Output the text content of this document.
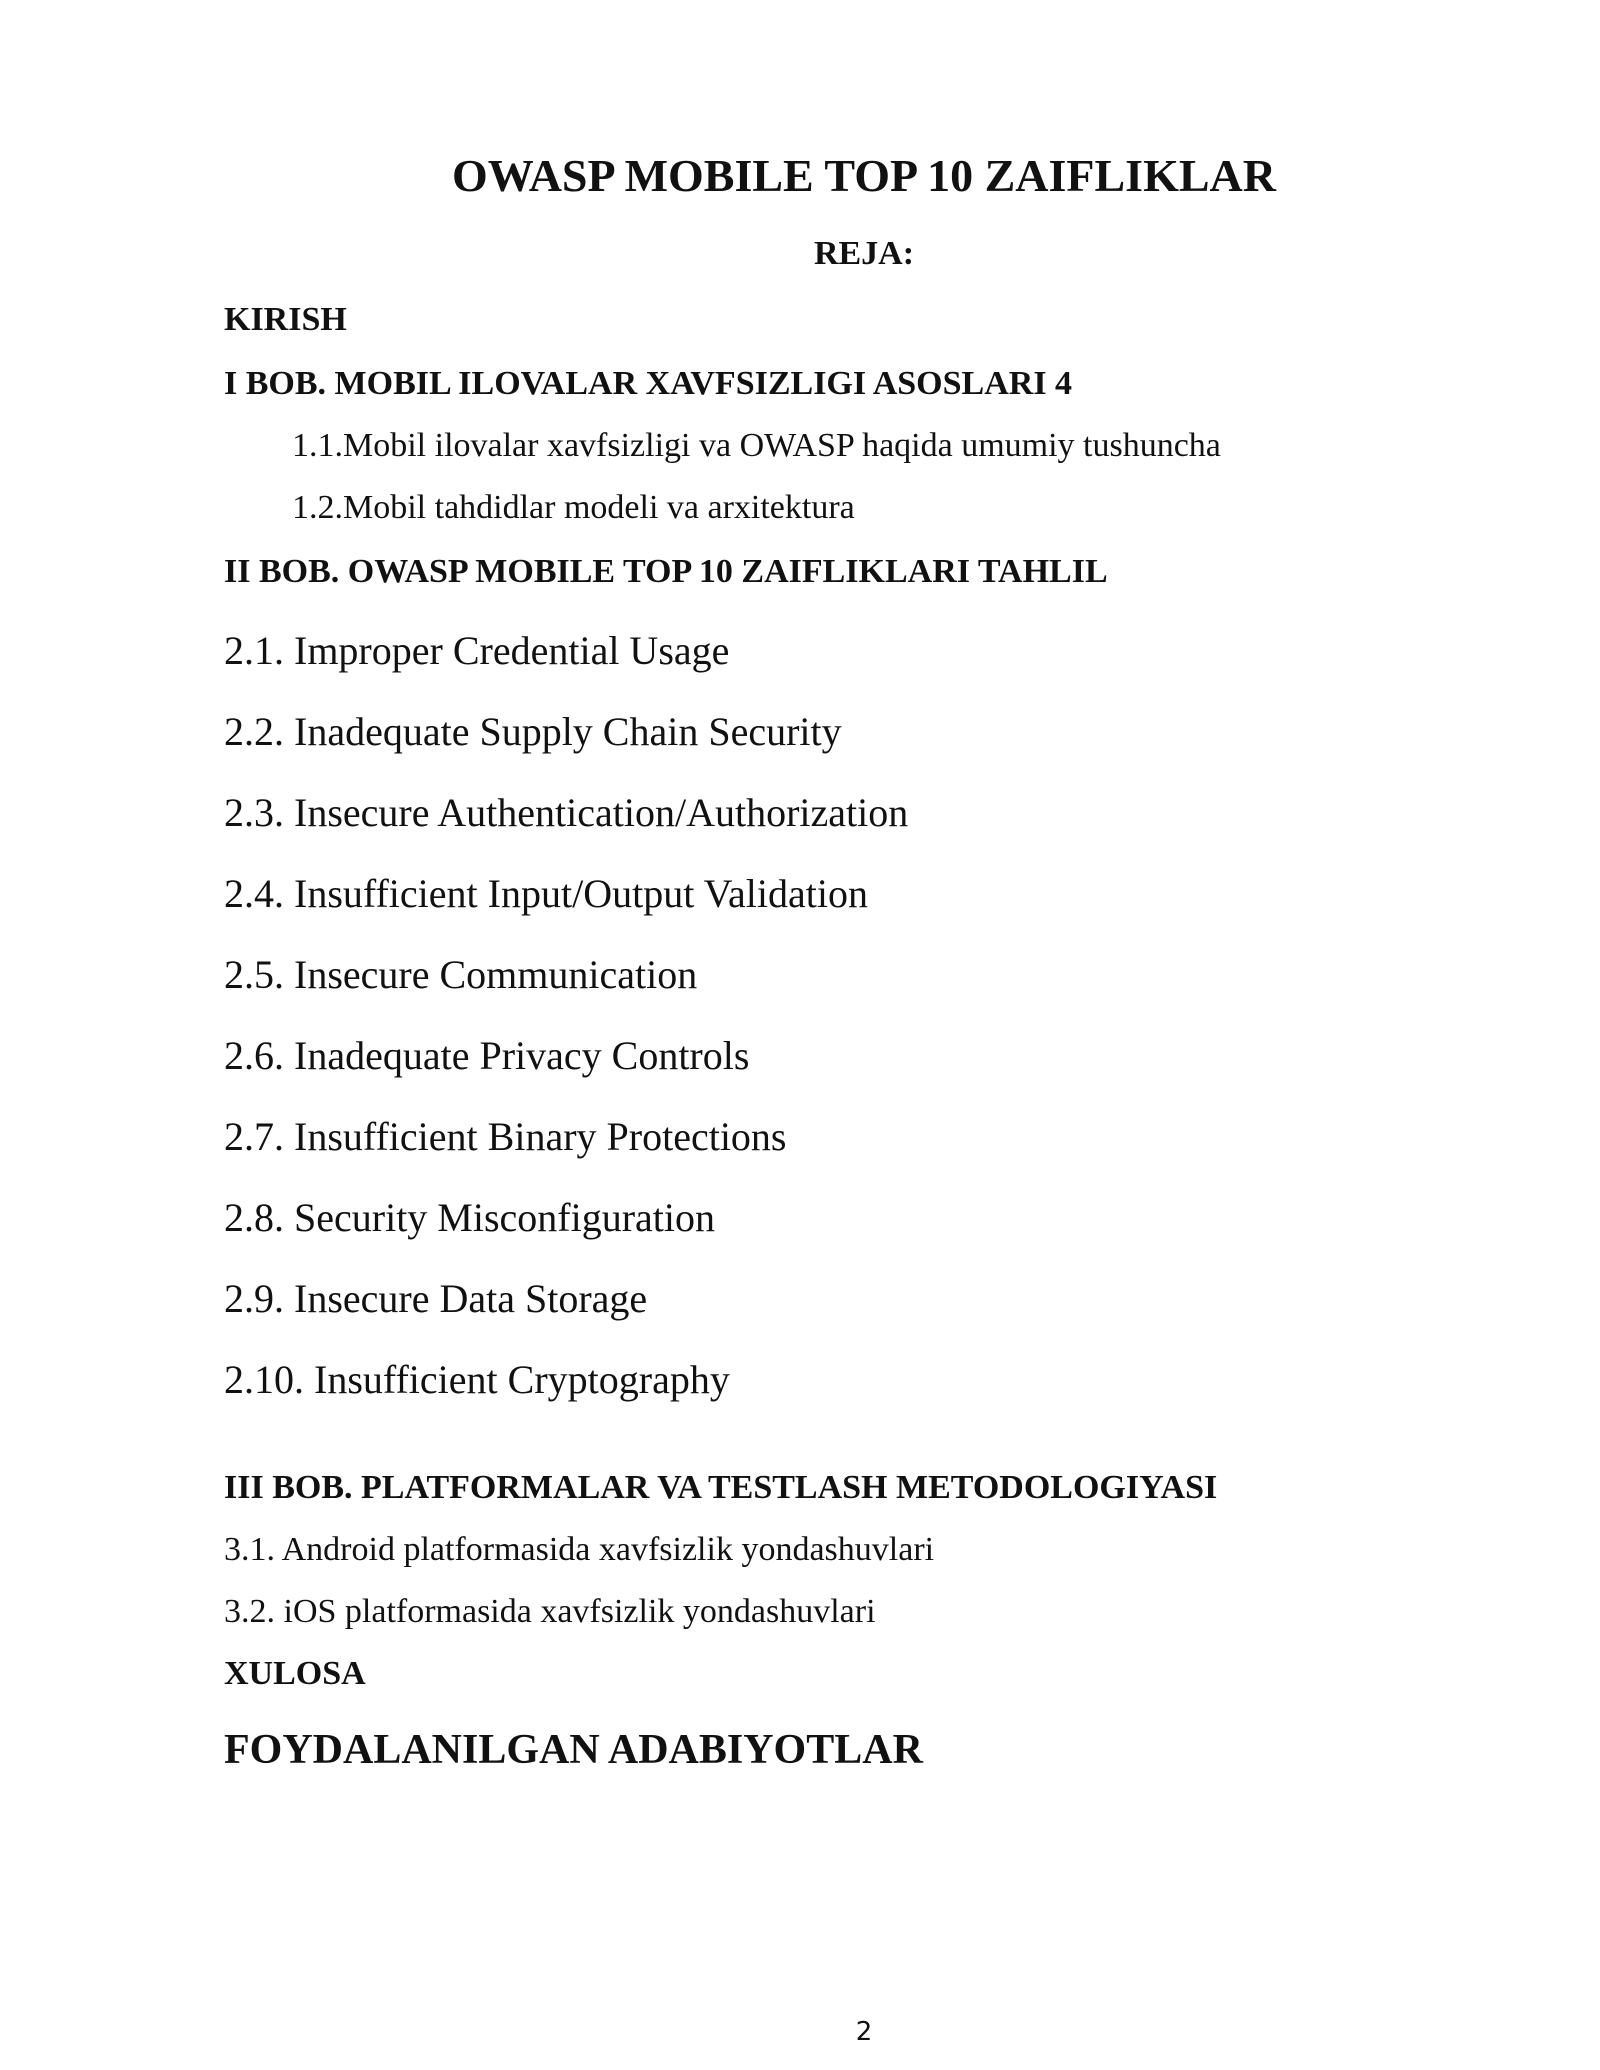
OWASP MOBILE TOP 10 ZAIFLIKLAR
REJA:
KIRISH
I BOB. MOBIL ILOVALAR XAVFSIZLIGI ASOSLARI 4
1.1.Mobil ilovalar xavfsizligi va OWASP haqida umumiy tushuncha
1.2.Mobil tahdidlar modeli va arxitektura
II BOB. OWASP MOBILE TOP 10 ZAIFLIKLARI TAHLIL
2.1. Improper Credential Usage
2.2. Inadequate Supply Chain Security
2.3. Insecure Authentication/Authorization
2.4. Insufficient Input/Output Validation
2.5. Insecure Communication
2.6. Inadequate Privacy Controls
2.7. Insufficient Binary Protections
2.8. Security Misconfiguration
2.9. Insecure Data Storage
2.10. Insufficient Cryptography
III BOB. PLATFORMALAR VA TESTLASH METODOLOGIYASI
3.1. Android platformasida xavfsizlik yondashuvlari
3.2. iOS platformasida xavfsizlik yondashuvlari
XULOSA
FOYDALANILGAN ADABIYOTLAR
2
